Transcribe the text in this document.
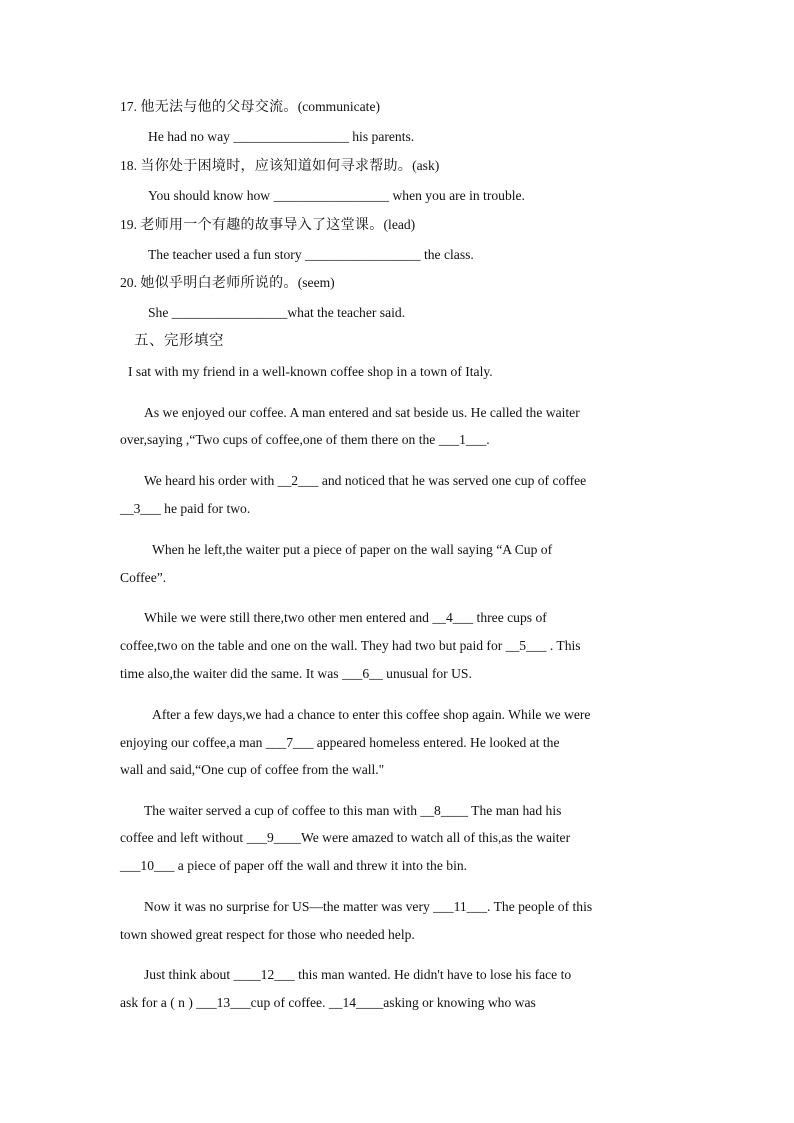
17. 他无法与他的父母交流。(communicate)
He had no way _________________ his parents.
18. 当你处于困境时，应该知道如何寻求帮助。(ask)
You should know how _________________ when you are in trouble.
19. 老师用一个有趣的故事导入了这堂课。(lead)
The teacher used a fun story _________________ the class.
20. 她似乎明白老师所说的。(seem)
She _________________what the teacher said.
五、完形填空
I sat with my friend in a well-known coffee shop in a town of Italy.
As we enjoyed our coffee. A man entered and sat beside us. He called the waiter
over,saying ,“Two cups of coffee,one of them there on the ___1___.
We heard his order with __2___ and noticed that he was served one cup of coffee
__3___ he paid for two.
When he left,the waiter put a piece of paper on the wall saying “A Cup of
Coffee”.
While we were still there,two other men entered and __4___ three cups of
coffee,two on the table and one on the wall. They had two but paid for __5___ . This
time also,the waiter did the same. It was ___6__ unusual for US.
After a few days,we had a chance to enter this coffee shop again. While we were
enjoying our coffee,a man ___7___ appeared homeless entered. He looked at the
wall and said,“One cup of coffee from the wall."
The waiter served a cup of coffee to this man with __8____ The man had his
coffee and left without ___9____We were amazed to watch all of this,as the waiter
___10___ a piece of paper off the wall and threw it into the bin.
Now it was no surprise for US—the matter was very ___11___. The people of this
town showed great respect for those who needed help.
Just think about ____12___ this man wanted. He didn't have to lose his face to
ask for a ( n ) ___13___cup of coffee. __14____asking or knowing who was
